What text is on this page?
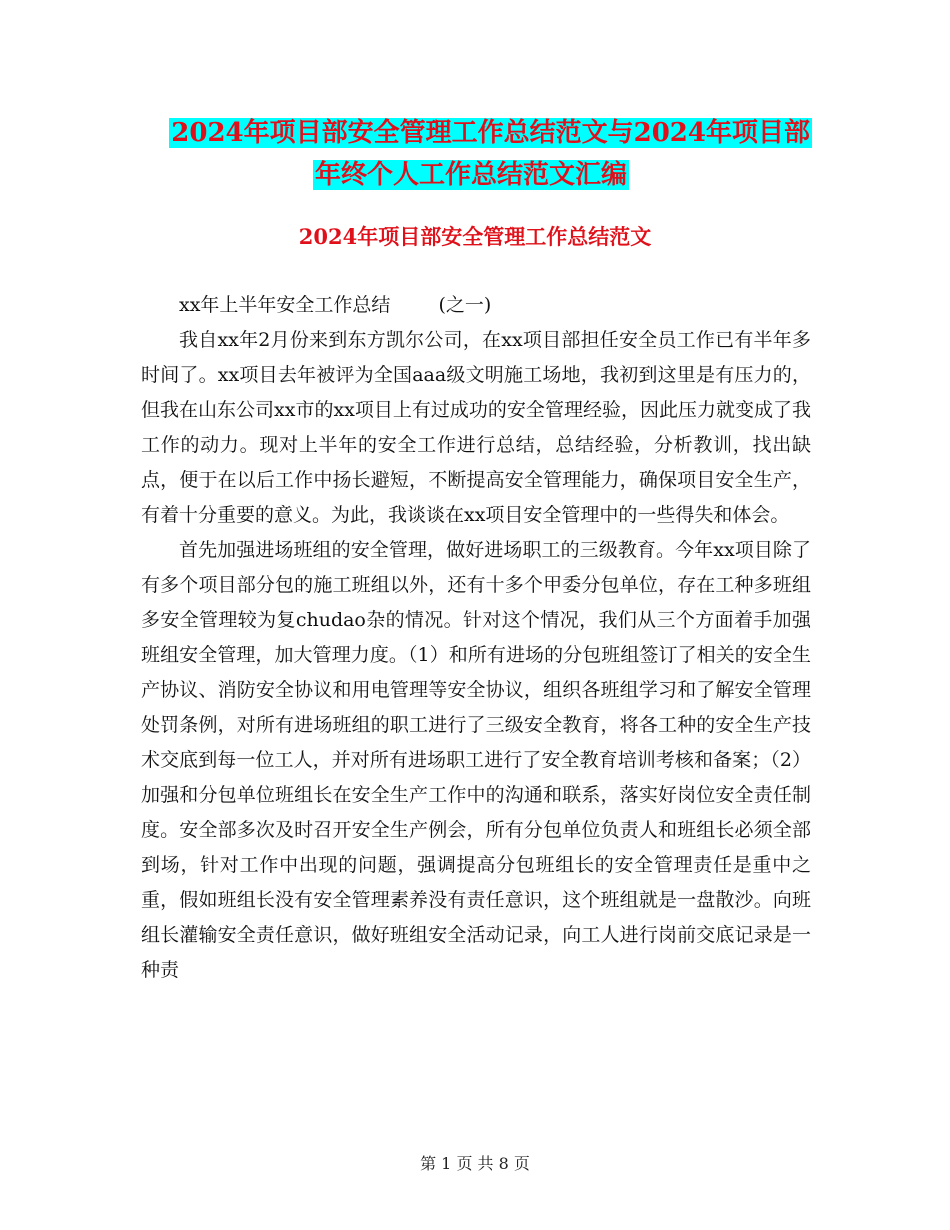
2024年项目部安全管理工作总结范文与2024年项目部
年终个人工作总结范文汇编
2024年项目部安全管理工作总结范文
xx年上半年安全工作总结	(之一)

我自xx年2月份来到东方凯尔公司，在xx项目部担任安全员工作已有半年多时间了。xx项目去年被评为全国aaa级文明施工场地，我初到这里是有压力的，但我在山东公司xx市的xx项目上有过成功的安全管理经验，因此压力就变成了我工作的动力。现对上半年的安全工作进行总结，总结经验，分析教训，找出缺点，便于在以后工作中扬长避短，不断提高安全管理能力，确保项目安全生产，有着十分重要的意义。为此，我谈谈在xx项目安全管理中的一些得失和体会。

首先加强进场班组的安全管理，做好进场职工的三级教育。今年xx项目除了有多个项目部分包的施工班组以外，还有十多个甲委分包单位，存在工种多班组多安全管理较为复chudao杂的情况。针对这个情况，我们从三个方面着手加强班组安全管理，加大管理力度。（1）和所有进场的分包班组签订了相关的安全生产协议、消防安全协议和用电管理等安全协议，组织各班组学习和了解安全管理处罚条例，对所有进场班组的职工进行了三级安全教育，将各工种的安全生产技术交底到每一位工人，并对所有进场职工进行了安全教育培训考核和备案；（2）加强和分包单位班组长在安全生产工作中的沟通和联系，落实好岗位安全责任制度。安全部多次及时召开安全生产例会，所有分包单位负责人和班组长必须全部到场，针对工作中出现的问题，强调提高分包班组长的安全管理责任是重中之重，假如班组长没有安全管理素养没有责任意识，这个班组就是一盘散沙。向班组长灌输安全责任意识，做好班组安全活动记录，向工人进行岗前交底记录是一种责

第 1 页 共 8 页
